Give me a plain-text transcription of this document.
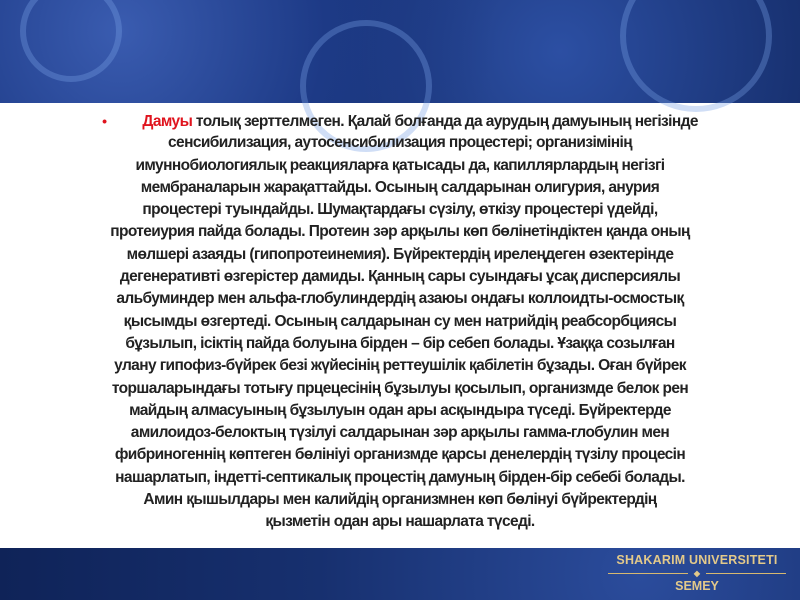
• Дамуы толық зерттелмеген. Қалай болғанда да аурудың дамуының негізінде
сенсибилизация, аутосенсибилизация процестері; организімінің
имуннобиологиялық реакцияларға қатысады да, капиллярлардың негізгі
мембраналарын жарақаттайды. Осының салдарынан олигурия, анурия
процестері туындайды. Шумақтардағы сүзілу, өткізу процестері үдейді,
протеиурия пайда болады. Протеин зәр арқылы көп бөлінетіндіктен қанда оның
мөлшері азаяды (гипопротеинемия). Бүйректердің ирелеңдеген өзектерінде
дегенеративті өзгерістер дамиды. Қанның сары суындағы ұсақ дисперсиялы
альбуминдер мен альфа-глобулиндердің азаюы ондағы коллоидты-осмостық
қысымды өзгертеді. Осының салдарынан су мен натрийдің реабсорбциясы
бұзылып, ісіктің пайда болуына бірден – бір себеп болады. Ұзаққа созылған
улану гипофиз-бүйрек безі жүйесінің реттеушілік қабілетін бұзады. Оған бүйрек
торшаларындағы тотығу прцецесінің бұзылуы қосылып, организмде белок рен
майдың алмасуының бұзылуын одан ары асқындыра түседі. Бүйректерде
амилоидоз-белоктың түзілуі салдарынан зәр арқылы гамма-глобулин мен
фибриногеннің көптеген бөлініуі организмде қарсы денелердің түзілу процесін
нашарлатып, індетті-септикалық процестің дамуның бірден-бір себебі болады.
Амин қышылдары мен калийдің организмнен көп бөлінуі бүйректердің
қызметін одан ары нашарлата түседі.
SHAKARIM UNIVERSITETI
◆
SEMEY
